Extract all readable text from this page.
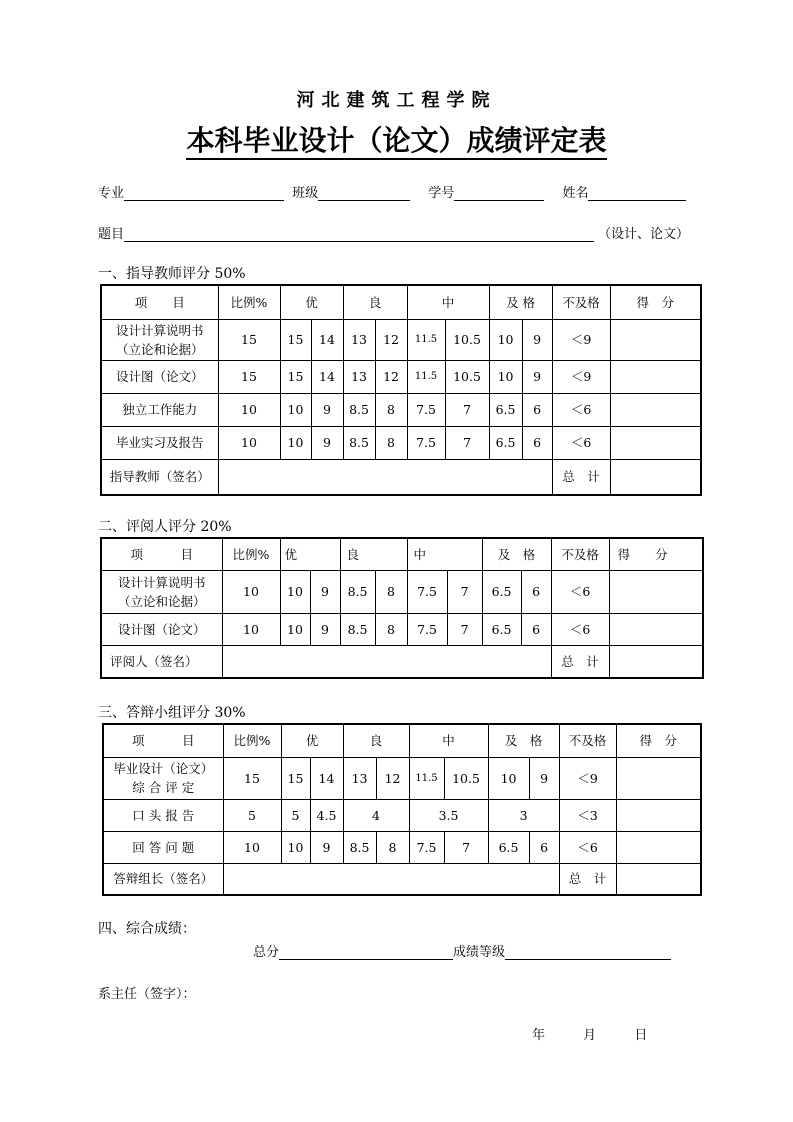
河北建筑工程学院
本科毕业设计（论文）成绩评定表
专业	班级	学号	姓名
题目	（设计、论文）
一、指导教师评分 50%
项　　目	比例%	优		良		中		及 格		不及格	得　分

设计计算说明书
（立论和论据）	15	15	14	13	12	11.5	10.5	10	9	＜9	
设计图（论文）	15	15	14	13	12	11.5	10.5	10	9	＜9	
独立工作能力	10	10	9	8.5	8	7.5	7	6.5	6	＜6	
毕业实习及报告	10	10	9	8.5	8	7.5	7	6.5	6	＜6	
指导教师（签名）										总　计	
二、评阅人评分 20%
项　　　目	比例%	优		良		中		及　格		不及格	得　　分

设计计算说明书
（立论和论据）	10	10	9	8.5	8	7.5	7	6.5	6	＜6	
设计图（论文）	10	10	9	8.5	8	7.5	7	6.5	6	＜6	
评阅人（签名）										总　计	
三、答辩小组评分 30%
项　　　目	比例%	优		良		中		及　格		不及格	得　分

毕业设计（论文）
综 合 评 定	15	15	14	13	12	11.5	10.5	10	9	＜9	
口 头 报 告	5	5	4.5	4		3.5		3		＜3	
回 答 问 题	10	10	9	8.5	8	7.5	7	6.5	6	＜6	
答辩组长（签名）										总　计	
四、综合成绩：
总分	成绩等级
系主任（签字）：
年	月	日
